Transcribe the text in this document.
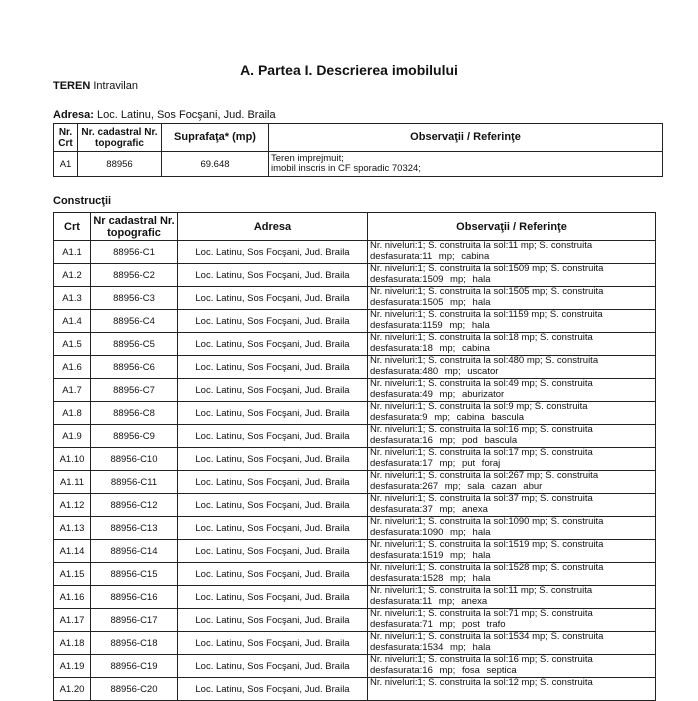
A. Partea I. Descrierea imobilului
TEREN Intravilan
Adresa: Loc. Latinu, Sos Focşani, Jud. Braila
Nr. Crt	Nr. cadastral Nr. topografic	Suprafaţa* (mp)	Observaţii / Referinţe
A1	88956	69.648	Teren imprejmuit;
imobil inscris in CF sporadic 70324;
Construcţii
Crt	Nr cadastral Nr. topografic	Adresa	Observaţii / Referinţe
A1.1	88956-C1	Loc. Latinu, Sos Focşani, Jud. Braila	Nr. niveluri:1; S. construita la sol:11 mp; S. construita
desfasurata:11 mp; cabina

A1.2	88956-C2	Loc. Latinu, Sos Focşani, Jud. Braila	Nr. niveluri:1; S. construita la sol:1509 mp; S. construita
desfasurata:1509 mp; hala

A1.3	88956-C3	Loc. Latinu, Sos Focşani, Jud. Braila	Nr. niveluri:1; S. construita la sol:1505 mp; S. construita
desfasurata:1505 mp; hala

A1.4	88956-C4	Loc. Latinu, Sos Focşani, Jud. Braila	Nr. niveluri:1; S. construita la sol:1159 mp; S. construita
desfasurata:1159 mp; hala

A1.5	88956-C5	Loc. Latinu, Sos Focşani, Jud. Braila	Nr. niveluri:1; S. construita la sol:18 mp; S. construita
desfasurata:18 mp; cabina

A1.6	88956-C6	Loc. Latinu, Sos Focşani, Jud. Braila	Nr. niveluri:1; S. construita la sol:480 mp; S. construita
desfasurata:480 mp; uscator

A1.7	88956-C7	Loc. Latinu, Sos Focşani, Jud. Braila	Nr. niveluri:1; S. construita la sol:49 mp; S. construita
desfasurata:49 mp; aburizator

A1.8	88956-C8	Loc. Latinu, Sos Focşani, Jud. Braila	Nr. niveluri:1; S. construita la sol:9 mp; S. construita
desfasurata:9 mp; cabina bascula

A1.9	88956-C9	Loc. Latinu, Sos Focşani, Jud. Braila	Nr. niveluri:1; S. construita la sol:16 mp; S. construita
desfasurata:16 mp; pod bascula

A1.10	88956-C10	Loc. Latinu, Sos Focşani, Jud. Braila	Nr. niveluri:1; S. construita la sol:17 mp; S. construita
desfasurata:17 mp; put foraj

A1.11	88956-C11	Loc. Latinu, Sos Focşani, Jud. Braila	Nr. niveluri:1; S. construita la sol:267 mp; S. construita
desfasurata:267 mp; sala cazan abur

A1.12	88956-C12	Loc. Latinu, Sos Focşani, Jud. Braila	Nr. niveluri:1; S. construita la sol:37 mp; S. construita
desfasurata:37 mp; anexa

A1.13	88956-C13	Loc. Latinu, Sos Focşani, Jud. Braila	Nr. niveluri:1; S. construita la sol:1090 mp; S. construita
desfasurata:1090 mp; hala

A1.14	88956-C14	Loc. Latinu, Sos Focşani, Jud. Braila	Nr. niveluri:1; S. construita la sol:1519 mp; S. construita
desfasurata:1519 mp; hala

A1.15	88956-C15	Loc. Latinu, Sos Focşani, Jud. Braila	Nr. niveluri:1; S. construita la sol:1528 mp; S. construita
desfasurata:1528 mp; hala

A1.16	88956-C16	Loc. Latinu, Sos Focşani, Jud. Braila	Nr. niveluri:1; S. construita la sol:11 mp; S. construita
desfasurata:11 mp; anexa

A1.17	88956-C17	Loc. Latinu, Sos Focşani, Jud. Braila	Nr. niveluri:1; S. construita la sol:71 mp; S. construita
desfasurata:71 mp; post trafo

A1.18	88956-C18	Loc. Latinu, Sos Focşani, Jud. Braila	Nr. niveluri:1; S. construita la sol:1534 mp; S. construita
desfasurata:1534 mp; hala

A1.19	88956-C19	Loc. Latinu, Sos Focşani, Jud. Braila	Nr. niveluri:1; S. construita la sol:16 mp; S. construita
desfasurata:16 mp; fosa septica

A1.20	88956-C20	Loc. Latinu, Sos Focşani, Jud. Braila	Nr. niveluri:1; S. construita la sol:12 mp; S. construita
